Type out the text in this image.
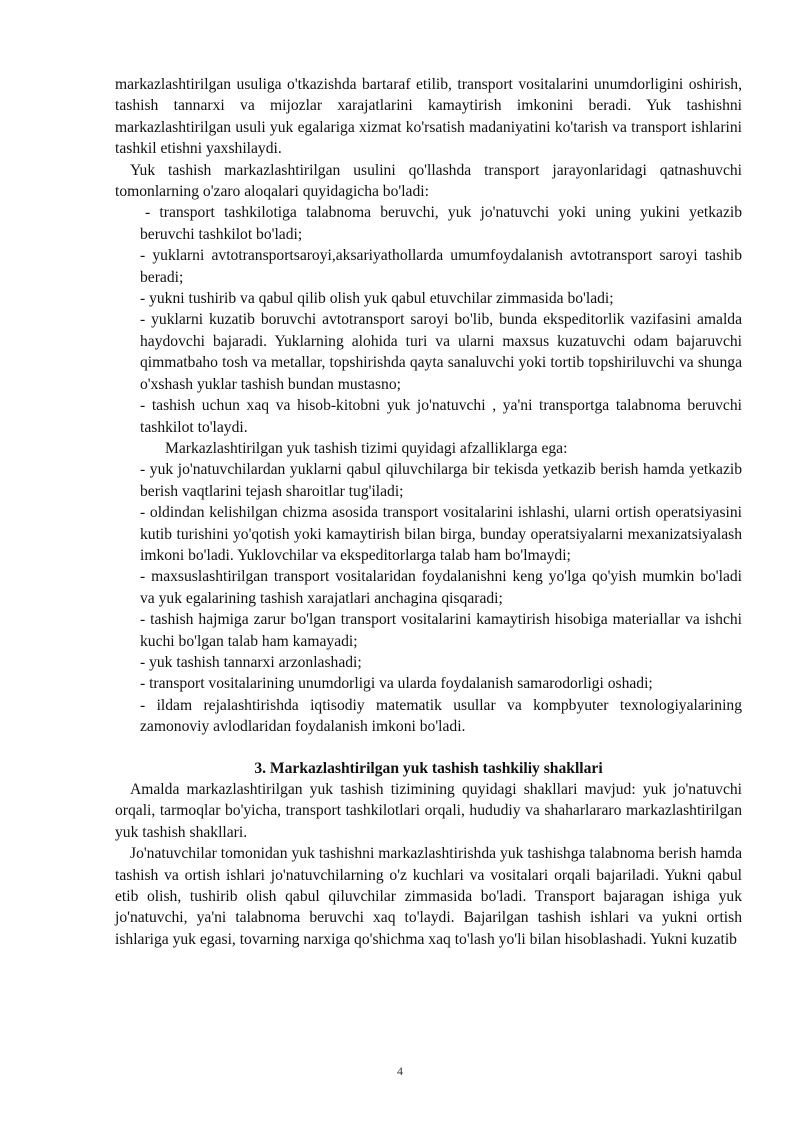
markazlashtirilgan usuliga o'tkazishda bartaraf etilib, transport vositalarini unumdorligini oshirish, tashish tannarxi va mijozlar xarajatlarini kamaytirish imkonini beradi. Yuk tashishni markazlashtirilgan usuli yuk egalariga xizmat ko'rsatish madaniyatini ko'tarish va transport ishlarini tashkil etishni yaxshilaydi.

Yuk tashish markazlashtirilgan usulini qo'llashda transport jarayonlaridagi qatnashuvchi tomonlarning o'zaro aloqalari quyidagicha bo'ladi:

- transport tashkilotiga talabnoma beruvchi, yuk jo'natuvchi yoki uning yukini yetkazib beruvchi tashkilot bo'ladi;

- yuklarni avtotransportsaroyi,aksariyathollarda umumfoydalanish avtotransport saroyi tashib beradi;

- yukni tushirib va qabul qilib olish yuk qabul etuvchilar zimmasida bo'ladi;

- yuklarni kuzatib boruvchi avtotransport saroyi bo'lib, bunda ekspeditorlik vazifasini amalda haydovchi bajaradi. Yuklarning alohida turi va ularni maxsus kuzatuvchi odam bajaruvchi qimmatbaho tosh va metallar, topshirishda qayta sanaluvchi yoki tortib topshiriluvchi va shunga o'xshash yuklar tashish bundan mustasno;

- tashish uchun xaq va hisob-kitobni yuk jo'natuvchi , ya'ni transportga talabnoma beruvchi tashkilot to'laydi.

Markazlashtirilgan yuk tashish tizimi quyidagi afzalliklarga ega:

- yuk jo'natuvchilardan yuklarni qabul qiluvchilarga bir tekisda yetkazib berish hamda yetkazib berish vaqtlarini tejash sharoitlar tug'iladi;

- oldindan kelishilgan chizma asosida transport vositalarini ishlashi, ularni ortish operatsiyasini kutib turishini yo'qotish yoki kamaytirish bilan birga, bunday operatsiyalarni mexanizatsiyalash imkoni bo'ladi. Yuklovchilar va ekspeditorlarga talab ham bo'lmaydi;

- maxsuslashtirilgan transport vositalaridan foydalanishni keng yo'lga qo'yish mumkin bo'ladi va yuk egalarining tashish xarajatlari anchagina qisqaradi;

- tashish hajmiga zarur bo'lgan transport vositalarini kamaytirish hisobiga materiallar va ishchi kuchi bo'lgan talab ham kamayadi;

- yuk tashish tannarxi arzonlashadi;

- transport vositalarining unumdorligi va ularda foydalanish samarodorligi oshadi;

- ildam rejalashtirishda iqtisodiy matematik usullar va kompbyuter texnologiyalarining zamonoviy avlodlaridan foydalanish imkoni bo'ladi.

3. Markazlashtirilgan yuk tashish tashkiliy shakllari

Amalda markazlashtirilgan yuk tashish tizimining quyidagi shakllari mavjud: yuk jo'natuvchi orqali, tarmoqlar bo'yicha, transport tashkilotlari orqali, hududiy va shaharlararo markazlashtirilgan yuk tashish shakllari.

Jo'natuvchilar tomonidan yuk tashishni markazlashtirishda yuk tashishga talabnoma berish hamda tashish va ortish ishlari jo'natuvchilarning o'z kuchlari va vositalari orqali bajariladi. Yukni qabul etib olish, tushirib olish qabul qiluvchilar zimmasida bo'ladi. Transport bajaragan ishiga yuk jo'natuvchi, ya'ni talabnoma beruvchi xaq to'laydi. Bajarilgan tashish ishlari va yukni ortish ishlariga yuk egasi, tovarning narxiga qo'shichma xaq to'lash yo'li bilan hisoblashadi. Yukni kuzatib

4
